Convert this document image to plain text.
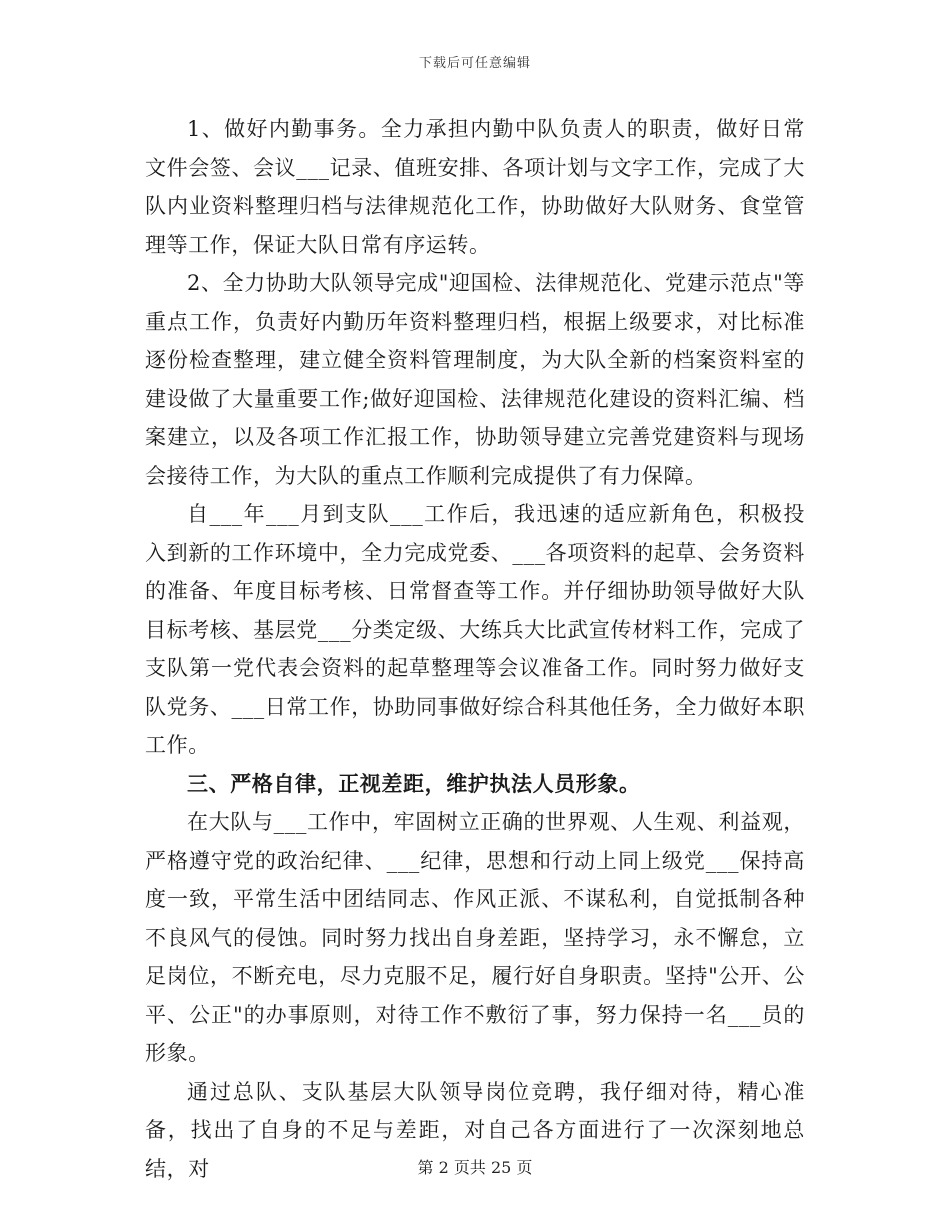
下载后可任意编辑

1、做好内勤事务。全力承担内勤中队负责人的职责，做好日常文件会签、会议___记录、值班安排、各项计划与文字工作，完成了大队内业资料整理归档与法律规范化工作，协助做好大队财务、食堂管理等工作，保证大队日常有序运转。

2、全力协助大队领导完成"迎国检、法律规范化、党建示范点"等重点工作，负责好内勤历年资料整理归档，根据上级要求，对比标准逐份检查整理，建立健全资料管理制度，为大队全新的档案资料室的建设做了大量重要工作;做好迎国检、法律规范化建设的资料汇编、档案建立，以及各项工作汇报工作，协助领导建立完善党建资料与现场会接待工作，为大队的重点工作顺利完成提供了有力保障。

自___年___月到支队___工作后，我迅速的适应新角色，积极投入到新的工作环境中，全力完成党委、___各项资料的起草、会务资料的准备、年度目标考核、日常督查等工作。并仔细协助领导做好大队目标考核、基层党___分类定级、大练兵大比武宣传材料工作，完成了支队第一党代表会资料的起草整理等会议准备工作。同时努力做好支队党务、___日常工作，协助同事做好综合科其他任务，全力做好本职工作。

三、严格自律，正视差距，维护执法人员形象。

在大队与___工作中，牢固树立正确的世界观、人生观、利益观，严格遵守党的政治纪律、___纪律，思想和行动上同上级党___保持高度一致，平常生活中团结同志、作风正派、不谋私利，自觉抵制各种不良风气的侵蚀。同时努力找出自身差距，坚持学习，永不懈怠，立足岗位，不断充电，尽力克服不足，履行好自身职责。坚持"公开、公平、公正"的办事原则，对待工作不敷衍了事，努力保持一名___员的形象。

通过总队、支队基层大队领导岗位竞聘，我仔细对待，精心准备，找出了自身的不足与差距，对自己各方面进行了一次深刻地总结，对	第 2 页共 25 页
